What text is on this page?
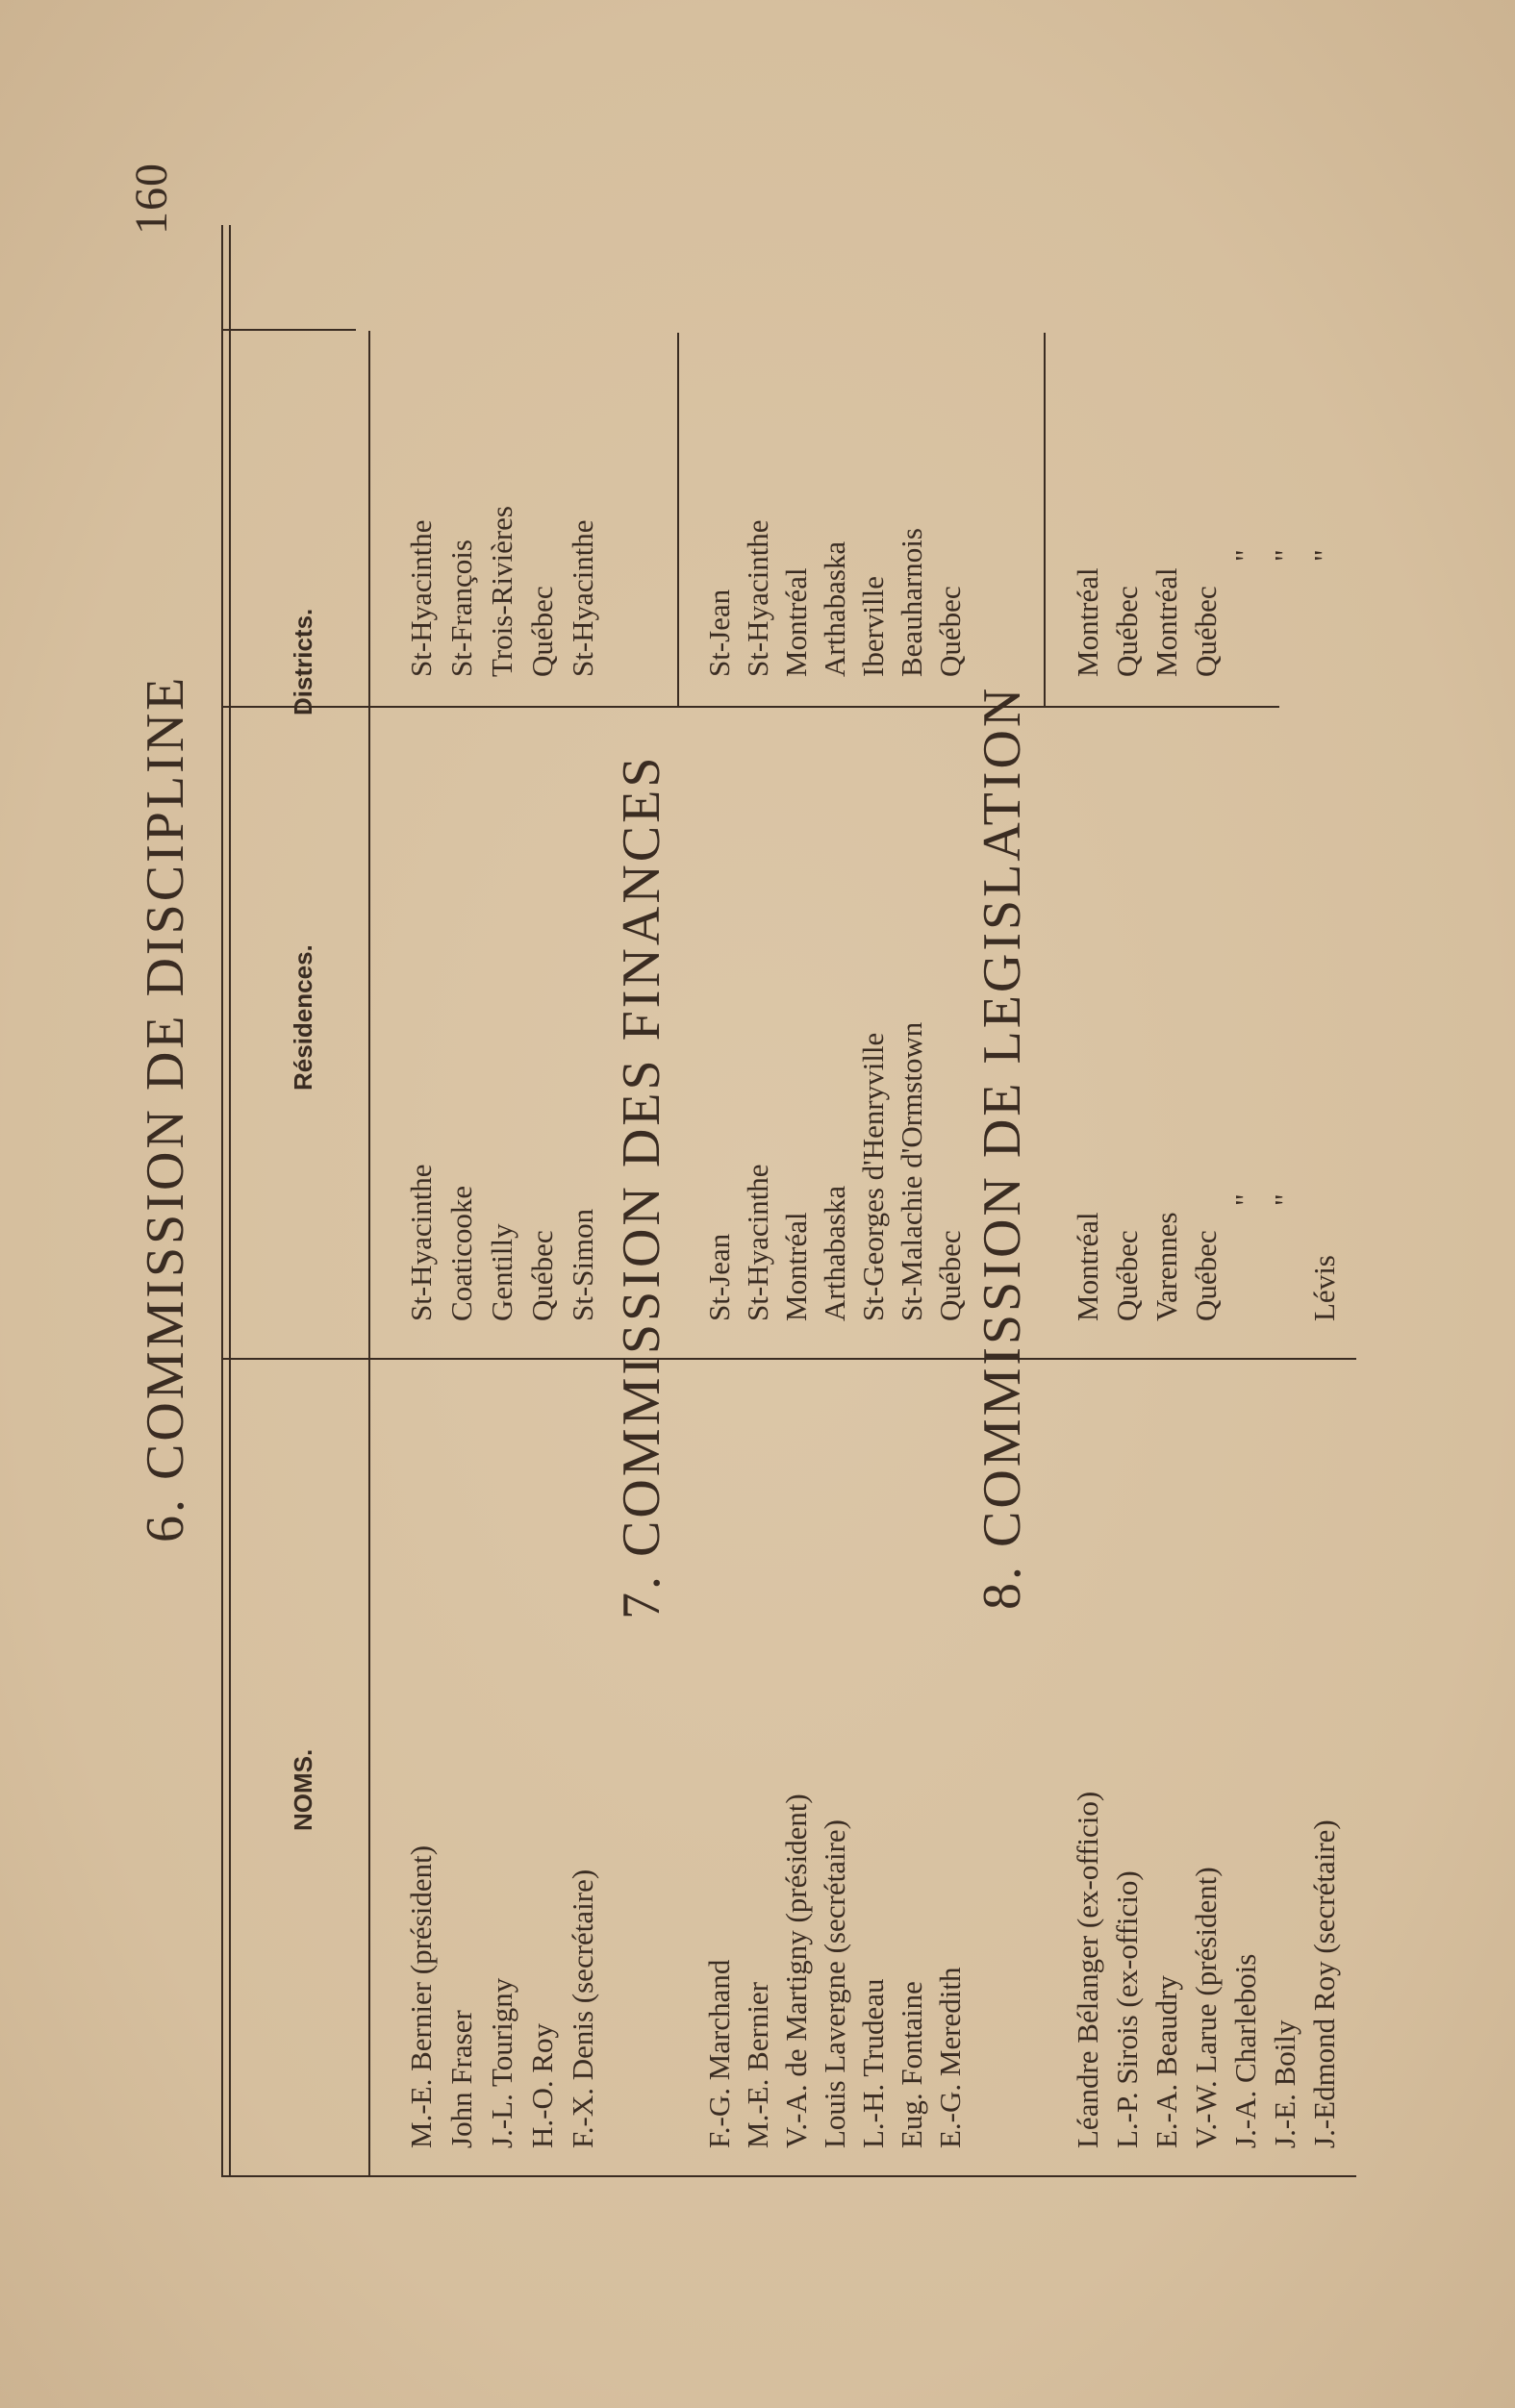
160
NOMS.
Résidences.
Districts.
6. COMMISSION DE DISCIPLINE	7. COMMISSION DES FINANCES	8. COMMISSION DE LEGISLATION
M.-E. Bernier (président)
St-Hyacinthe
St-Hyacinthe
John Fraser
Coaticooke
St-François
J.-L. Tourigny
Gentilly
Trois-Rivières
H.-O. Roy
Québec
Québec
F.-X. Denis (secrétaire)
St-Simon
St-Hyacinthe
F.-G. Marchand
St-Jean
St-Jean
M.-E. Bernier
St-Hyacinthe
St-Hyacinthe
V.-A. de Martigny (président)
Montréal
Montréal
Louis Lavergne (secrétaire)
Arthabaska
Arthabaska
L.-H. Trudeau
St-Georges d'Henryville
Iberville
Eug. Fontaine
St-Malachie d'Ormstown
Beauharnois
E.-G. Meredith
Québec
Québec
Léandre Bélanger (ex-officio)
Montréal
Montréal
L.-P. Sirois (ex-officio)
Québec
Québec
E.-A. Beaudry
Varennes
Montréal
V.-W. Larue (président)
Québec
Québec
J.-A. Charlebois
"
"
J.-E. Boily
"
"
J.-Edmond Roy (secrétaire)
Lévis
"
